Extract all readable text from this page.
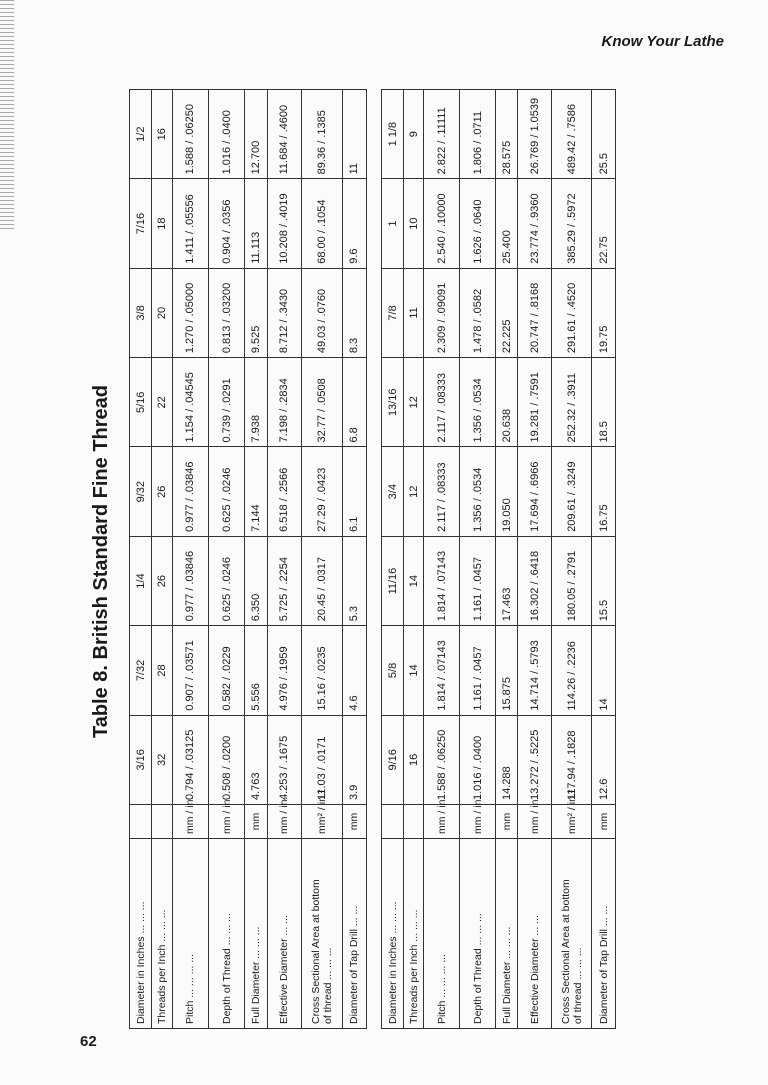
Know Your Lathe
Table 8. British Standard Fine Thread
Diameter in Inches ... ... ...		3/16	7/32	1/4	9/32	5/16	3/8	7/16	1/2
Threads per Inch ... ... ...		32	28	26	26	22	20	18	16
Pitch ... ... ... ...	mm / in.	0.794 / .03125	0.907 / .03571	0.977 / .03846	0.977 / .03846	1.154 / .04545	1.270 / .05000	1.411 / .05556	1.588 / .06250
Depth of Thread ... ... ...	mm / in.	0.508 / .0200	0.582 / .0229	0.625 / .0246	0.625 / .0246	0.739 / .0291	0.813 / .03200	0.904 / .0356	1.016 / .0400
Full Diameter ... ... ...	mm	4.763	5.556	6.350	7.144	7.938	9.525	11.113	12.700
Effective Diameter ... ...	mm / in.	4.253 / .1675	4.976 / .1959	5.725 / .2254	6.518 / .2566	7.198 / .2834	8.712 / .3430	10.208 / .4019	11.684 / .4600

Cross Sectional Area at bottom of thread ... ... ...	mm² / in.²	11.03 / .0171	15.16 / .0235	20.45 / .0317	27.29 / .0423	32.77 / .0508	49.03 / .0760	68.00 / .1054	89.36 / .1385
Diameter of Tap Drill ... ...	mm	3.9	4.6	5.3	6.1	6.8	8.3	9.6	11
Diameter in Inches ... ... ...		9/16	5/8	11/16	3/4	13/16	7/8	1	1 1/8
Threads per Inch ... ... ...		16	14	14	12	12	11	10	9
Pitch ... ... ... ...	mm / in.	1.588 / .06250	1.814 / .07143	1.814 / .07143	2.117 / .08333	2.117 / .08333	2.309 / .09091	2.540 / .10000	2.822 / .11111
Depth of Thread ... ... ...	mm / in.	1.016 / .0400	1.161 / .0457	1.161 / .0457	1.356 / .0534	1.356 / .0534	1.478 / .0582	1.626 / .0640	1.806 / .0711
Full Diameter ... ... ...	mm	14.288	15.875	17.463	19.050	20.638	22.225	25.400	28.575
Effective Diameter ... ...	mm / in.	13.272 / .5225	14.714 / .5793	16.302 / .6418	17.694 / .6966	19.281 / .7591	20.747 / .8168	23.774 / .9360	26.769 / 1.0539

Cross Sectional Area at bottom of thread ... ... ...	mm² / in.²	117.94 / .1828	114.26 / .2236	180.05 / .2791	209.61 / .3249	252.32 / .3911	291.61 / .4520	385.29 / .5972	489.42 / .7586
Diameter of Tap Drill ... ...	mm	12.6	14	15.5	16.75	18.5	19.75	22.75	25.5
62
